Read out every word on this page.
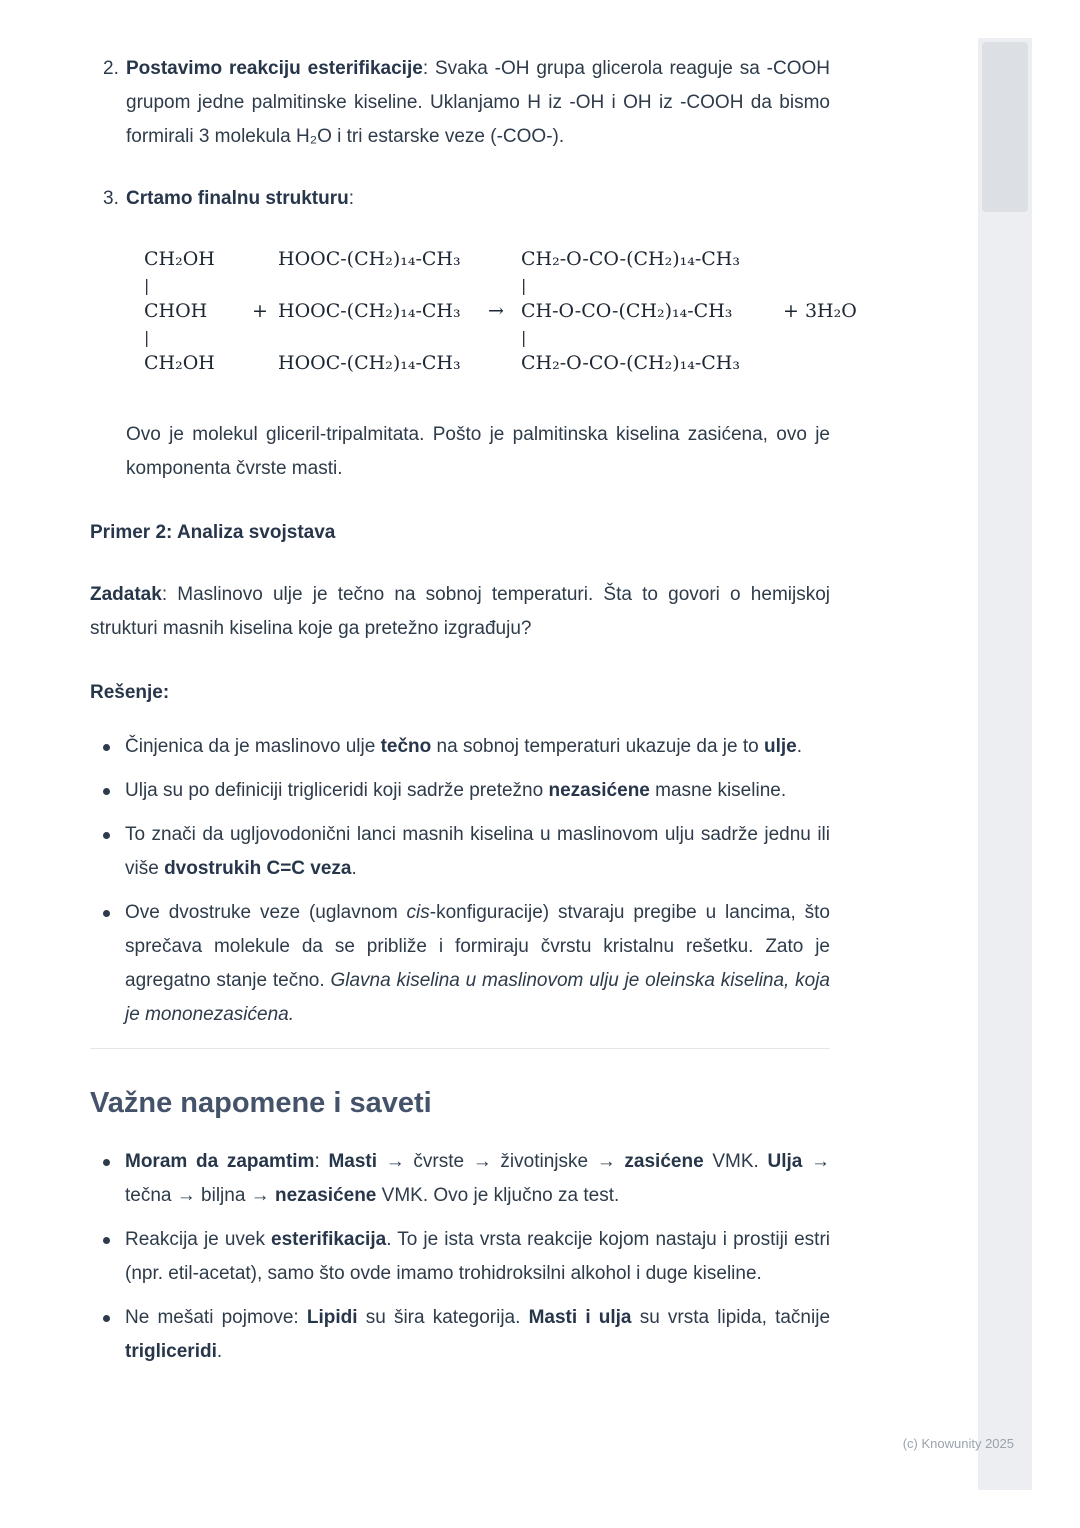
2. Postavimo reakciju esterifikacije: Svaka -OH grupa glicerola reaguje sa -COOH grupom jedne palmitinske kiseline. Uklanjamo H iz -OH i OH iz -COOH da bismo formirali 3 molekula H₂O i tri estarske veze (-COO-).
3. Crtamo finalnu strukturu:
CH₂OH	HOOC-(CH₂)₁₄-CH₃	CH₂-O-CO-(CH₂)₁₄-CH₃
|	|
CHOH	+ HOOC-(CH₂)₁₄-CH₃	→ CH-O-CO-(CH₂)₁₄-CH₃	+ 3H₂O
|	|
CH₂OH	HOOC-(CH₂)₁₄-CH₃	CH₂-O-CO-(CH₂)₁₄-CH₃
Ovo je molekul gliceril-tripalmitata. Pošto je palmitinska kiselina zasićena, ovo je komponenta čvrste masti.
Primer 2: Analiza svojstava
Zadatak: Maslinovo ulje je tečno na sobnoj temperaturi. Šta to govori o hemijskoj strukturi masnih kiselina koje ga pretežno izgrađuju?
Rešenje:
Činjenica da je maslinovo ulje tečno na sobnoj temperaturi ukazuje da je to ulje.
Ulja su po definiciji trigliceridi koji sadrže pretežno nezasićene masne kiseline.
To znači da ugljovodonični lanci masnih kiselina u maslinovom ulju sadrže jednu ili više dvostrukih C=C veza.
Ove dvostruke veze (uglavnom cis-konfiguracije) stvaraju pregibe u lancima, što sprečava molekule da se približe i formiraju čvrstu kristalnu rešetku. Zato je agregatno stanje tečno. Glavna kiselina u maslinovom ulju je oleinska kiselina, koja je mononezasićena.
Važne napomene i saveti
Moram da zapamtim: Masti → čvrste → životinjske → zasićene VMK. Ulja → tečna → biljna → nezasićene VMK. Ovo je ključno za test.
Reakcija je uvek esterifikacija. To je ista vrsta reakcije kojom nastaju i prostiji estri (npr. etil-acetat), samo što ovde imamo trohidroksilni alkohol i duge kiseline.
Ne mešati pojmove: Lipidi su šira kategorija. Masti i ulja su vrsta lipida, tačnije trigliceridi.
(c) Knowunity 2025
